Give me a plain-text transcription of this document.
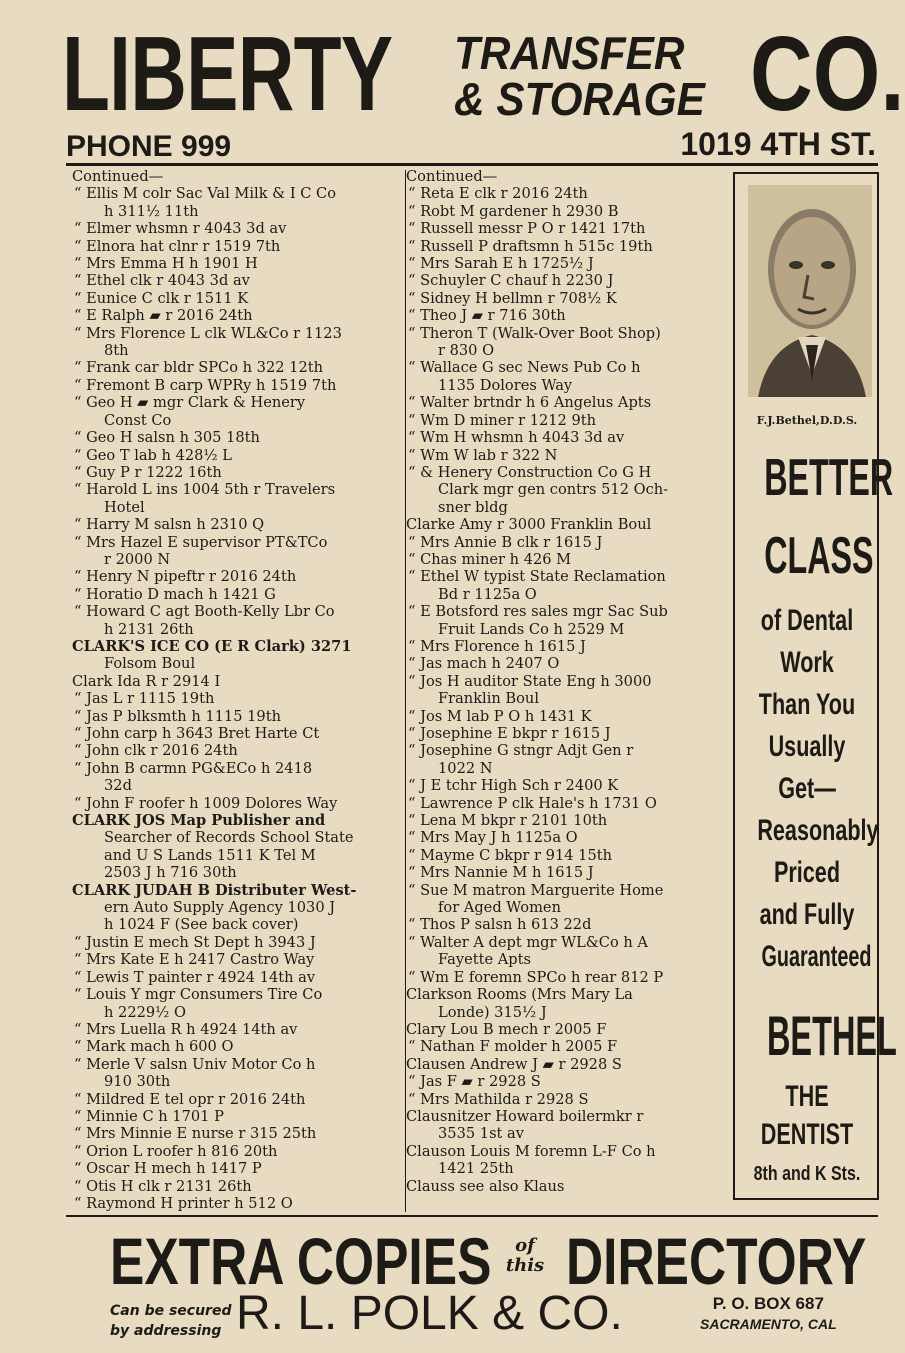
LIBERTY TRANSFER
& STORAGE CO.
PHONE 999	1019 4TH ST.
Continued—
“ Ellis M colr Sac Val Milk & I C Co
h 311½ 11th
“ Elmer whsmn r 4043 3d av
“ Elnora hat clnr r 1519 7th
“ Mrs Emma H h 1901 H
“ Ethel clk r 4043 3d av
“ Eunice C clk r 1511 K
“ E Ralph ▰ r 2016 24th
“ Mrs Florence L clk WL&Co r 1123
8th
“ Frank car bldr SPCo h 322 12th
“ Fremont B carp WPRy h 1519 7th
“ Geo H ▰ mgr Clark & Henery
Const Co
“ Geo H salsn h 305 18th
“ Geo T lab h 428½ L
“ Guy P r 1222 16th
“ Harold L ins 1004 5th r Travelers
Hotel
“ Harry M salsn h 2310 Q
“ Mrs Hazel E supervisor PT&TCo
r 2000 N
“ Henry N pipeftr r 2016 24th
“ Horatio D mach h 1421 G
“ Howard C agt Booth-Kelly Lbr Co
h 2131 26th
CLARK'S ICE CO (E R Clark) 3271
Folsom Boul
Clark Ida R r 2914 I
“ Jas L r 1115 19th
“ Jas P blksmth h 1115 19th
“ John carp h 3643 Bret Harte Ct
“ John clk r 2016 24th
“ John B carmn PG&ECo h 2418
32d
“ John F roofer h 1009 Dolores Way
CLARK JOS Map Publisher and
Searcher of Records School State
and U S Lands 1511 K Tel M
2503 J h 716 30th
CLARK JUDAH B Distributer West-
ern Auto Supply Agency 1030 J
h 1024 F (See back cover)
“ Justin E mech St Dept h 3943 J
“ Mrs Kate E h 2417 Castro Way
“ Lewis T painter r 4924 14th av
“ Louis Y mgr Consumers Tire Co
h 2229½ O
“ Mrs Luella R h 4924 14th av
“ Mark mach h 600 O
“ Merle V salsn Univ Motor Co h
910 30th
“ Mildred E tel opr r 2016 24th
“ Minnie C h 1701 P
“ Mrs Minnie E nurse r 315 25th
“ Orion L roofer h 816 20th
“ Oscar H mech h 1417 P
“ Otis H clk r 2131 26th
“ Raymond H printer h 512 O
Continued—
“ Reta E clk r 2016 24th
“ Robt M gardener h 2930 B
“ Russell messr P O r 1421 17th
“ Russell P draftsmn h 515c 19th
“ Mrs Sarah E h 1725½ J
“ Schuyler C chauf h 2230 J
“ Sidney H bellmn r 708½ K
“ Theo J ▰ r 716 30th
“ Theron T (Walk-Over Boot Shop)
r 830 O
“ Wallace G sec News Pub Co h
1135 Dolores Way
“ Walter brtndr h 6 Angelus Apts
“ Wm D miner r 1212 9th
“ Wm H whsmn h 4043 3d av
“ Wm W lab r 322 N
“ & Henery Construction Co G H
Clark mgr gen contrs 512 Och-
sner bldg
Clarke Amy r 3000 Franklin Boul
“ Mrs Annie B clk r 1615 J
“ Chas miner h 426 M
“ Ethel W typist State Reclamation
Bd r 1125a O
“ E Botsford res sales mgr Sac Sub
Fruit Lands Co h 2529 M
“ Mrs Florence h 1615 J
“ Jas mach h 2407 O
“ Jos H auditor State Eng h 3000
Franklin Boul
“ Jos M lab P O h 1431 K
“ Josephine E bkpr r 1615 J
“ Josephine G stngr Adjt Gen r
1022 N
“ J E tchr High Sch r 2400 K
“ Lawrence P clk Hale's h 1731 O
“ Lena M bkpr r 2101 10th
“ Mrs May J h 1125a O
“ Mayme C bkpr r 914 15th
“ Mrs Nannie M h 1615 J
“ Sue M matron Marguerite Home
for Aged Women
“ Thos P salsn h 613 22d
“ Walter A dept mgr WL&Co h A
Fayette Apts
“ Wm E foremn SPCo h rear 812 P
Clarkson Rooms (Mrs Mary La
Londe) 315½ J
Clary Lou B mech r 2005 F
“ Nathan F molder h 2005 F
Clausen Andrew J ▰ r 2928 S
“ Jas F ▰ r 2928 S
“ Mrs Mathilda r 2928 S
Clausnitzer Howard boilermkr r
3535 1st av
Clauson Louis M foremn L-F Co h
1421 25th
Clauss see also Klaus
F.J.Bethel,D.D.S.
BETTER
CLASS
of Dental
Work
Than You
Usually
Get—
Reasonably
Priced
and Fully
Guaranteed
BETHEL
THE
DENTIST
8th and K Sts.
EXTRA COPIES	of
this DIRECTORY
Can be secured
by addressing R. L. POLK & CO.	P. O. BOX 687
SACRAMENTO, CAL
